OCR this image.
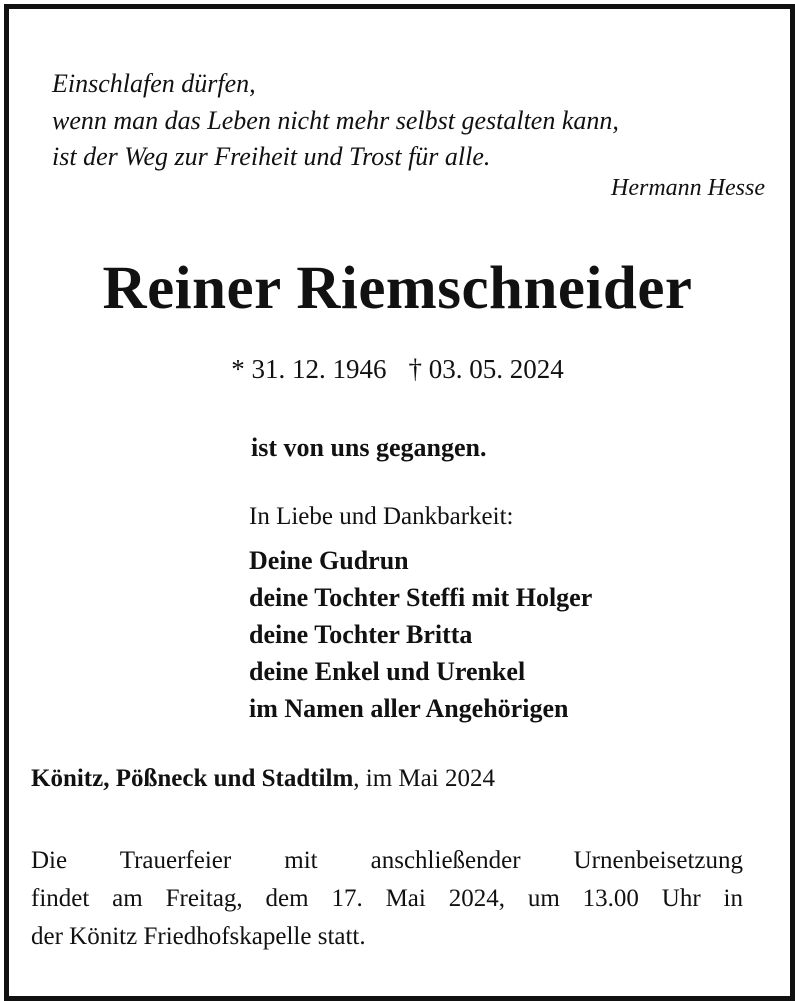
Einschlafen dürfen,
wenn man das Leben nicht mehr selbst gestalten kann,
ist der Weg zur Freiheit und Trost für alle.
Hermann Hesse
Reiner Riemschneider
* 31. 12. 1946 † 03. 05. 2024
ist von uns gegangen.
In Liebe und Dankbarkeit:
Deine Gudrun
deine Tochter Steffi mit Holger
deine Tochter Britta
deine Enkel und Urenkel
im Namen aller Angehörigen
Könitz, Pößneck und Stadtilm, im Mai 2024
Die Trauerfeier mit anschließender Urnenbeisetzung
findet am Freitag, dem 17. Mai 2024, um 13.00 Uhr in
der Könitz Friedhofskapelle statt.
